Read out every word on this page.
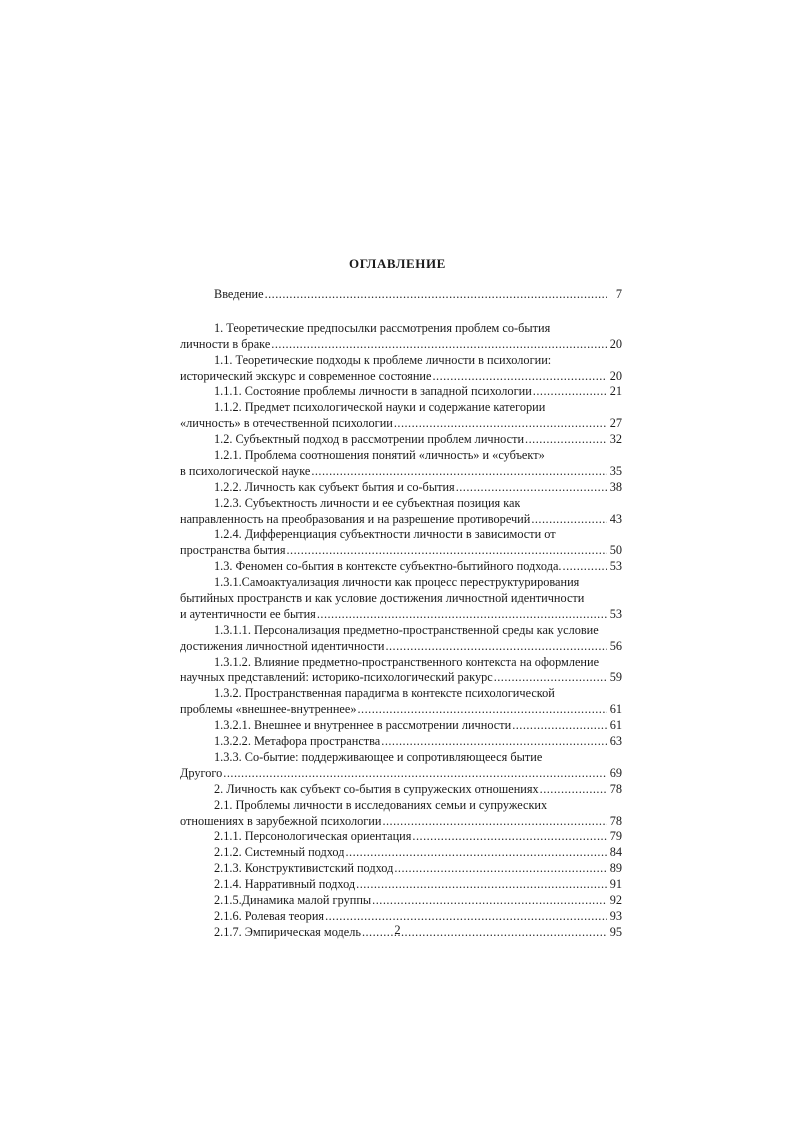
ОГЛАВЛЕНИЕ
Введение . . .	7
1. Теоретические предпосылки рассмотрения проблем со-бытия
личности в браке . . .	20
1.1. Теоретические подходы к проблеме личности в психологии:
исторический экскурс и современное состояние . . .	20
1.1.1. Состояние проблемы личности в западной психологии . . .	21
1.1.2. Предмет психологической науки и содержание категории
«личность» в отечественной психологии . . .	27
1.2. Субъектный подход в рассмотрении проблем личности . . .	32
1.2.1. Проблема соотношения понятий «личность» и «субъект»
в психологической науке . . .	35
1.2.2. Личность как субъект бытия и со-бытия . . .	38
1.2.3. Субъектность личности и ее субъектная позиция как
направленность на преобразования и на разрешение противоречий . . .	43
1.2.4. Дифференциация субъектности личности в зависимости от
пространства бытия . . .	50
1.3. Феномен со-бытия в контексте субъектно-бытийного подхода. . . .	53
1.3.1.Самоактуализация личности как процесс переструктурирования
бытийных пространств и как условие достижения личностной идентичности
и аутентичности ее бытия . . .	53
1.3.1.1. Персонализация предметно-пространственной среды как условие
достижения личностной идентичности . . .	56
1.3.1.2. Влияние предметно-пространственного контекста на оформление
научных представлений: историко-психологический ракурс . . .	59
1.3.2. Пространственная парадигма в контексте психологической
проблемы «внешнее-внутреннее» . . .	61
1.3.2.1. Внешнее и внутреннее в рассмотрении личности . . .	61
1.3.2.2. Метафора пространства . . .	63
1.3.3. Со-бытие: поддерживающее и сопротивляющееся бытие
Другого . . .	69
2. Личность как субъект со-бытия в супружеских отношениях . . .	78
2.1. Проблемы личности в исследованиях семьи и супружеских
отношениях в зарубежной психологии . . .	78
2.1.1. Персонологическая ориентация . . .	79
2.1.2. Системный подход . . .	84
2.1.3. Конструктивистский подход . . .	89
2.1.4. Нарративный подход . . .	91
2.1.5.Динамика малой группы . . .	92
2.1.6. Ролевая теория . . .	93
2.1.7. Эмпирическая модель . . .	95
2
